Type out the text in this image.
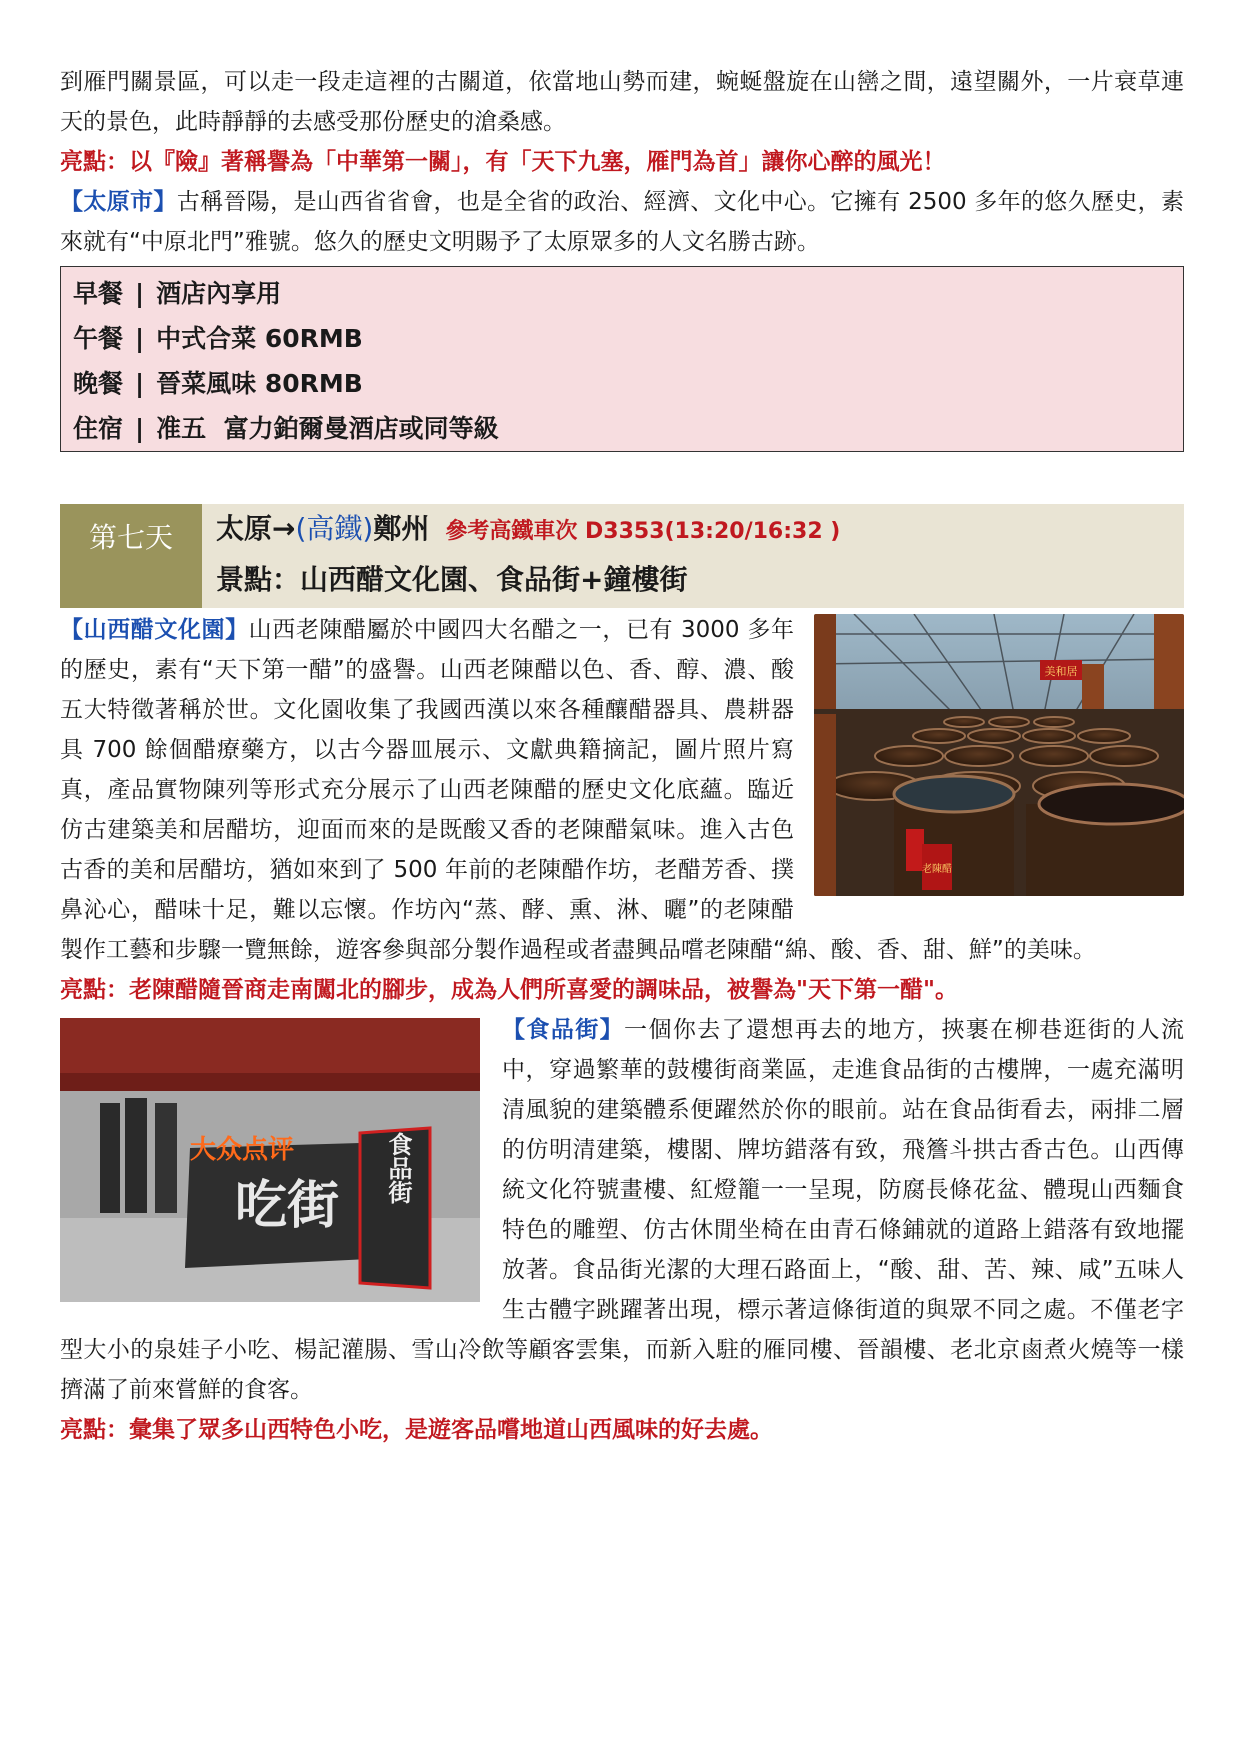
到雁門關景區，可以走一段走這裡的古關道，依當地山勢而建，蜿蜒盤旋在山巒之間，遠望關外，一片衰草連天的景色，此時靜靜的去感受那份歷史的滄桑感。

亮點：以『險』著稱譽為「中華第一關」，有「天下九塞，雁門為首」讓你心醉的風光！

【太原市】古稱晉陽，是山西省省會，也是全省的政治、經濟、文化中心。它擁有 2500 多年的悠久歷史，素來就有“中原北門”雅號。悠久的歷史文明賜予了太原眾多的人文名勝古跡。

早餐 | 酒店內享用
午餐 | 中式合菜 60RMB
晚餐 | 晉菜風味 80RMB
住宿 | 准五  富力鉑爾曼酒店或同等級
第七天	太原→(高鐵)鄭州 參考高鐵車次 D3353(13:20/16:32 )
景點：山西醋文化園、食品街+鐘樓街
美和居
老陳醋

【山西醋文化園】山西老陳醋屬於中國四大名醋之一，已有 3000 多年的歷史，素有“天下第一醋”的盛譽。山西老陳醋以色、香、醇、濃、酸五大特徵著稱於世。文化園收集了我國西漢以來各種釀醋器具、農耕器具 700 餘個醋療藥方，以古今器皿展示、文獻典籍摘記，圖片照片寫真，產品實物陳列等形式充分展示了山西老陳醋的歷史文化底蘊。臨近仿古建築美和居醋坊，迎面而來的是既酸又香的老陳醋氣味。進入古色古香的美和居醋坊，猶如來到了 500 年前的老陳醋作坊，老醋芳香、撲鼻沁心，醋味十足，難以忘懷。作坊內“蒸、酵、熏、淋、曬”的老陳醋製作工藝和步驟一覽無餘，遊客參與部分製作過程或者盡興品嚐老陳醋“綿、酸、香、甜、鮮”的美味。

亮點：老陳醋隨晉商走南闖北的腳步，成為人們所喜愛的調味品，被譽為"天下第一醋"。

大众点评
吃街
食品街

【食品街】一個你去了還想再去的地方，挾裹在柳巷逛街的人流中，穿過繁華的鼓樓街商業區，走進食品街的古樓牌，一處充滿明清風貌的建築體系便躍然於你的眼前。站在食品街看去，兩排二層的仿明清建築，樓閣、牌坊錯落有致，飛簷斗拱古香古色。山西傳統文化符號畫樓、紅燈籠一一呈現，防腐長條花盆、體現山西麵食特色的雕塑、仿古休閒坐椅在由青石條鋪就的道路上錯落有致地擺放著。食品街光潔的大理石路面上，“酸、甜、苦、辣、咸”五味人生古體字跳躍著出現，標示著這條街道的與眾不同之處。不僅老字型大小的泉娃子小吃、楊記灌腸、雪山冷飲等顧客雲集，而新入駐的雁同樓、晉韻樓、老北京鹵煮火燒等一樣擠滿了前來嘗鮮的食客。

亮點：彙集了眾多山西特色小吃，是遊客品嚐地道山西風味的好去處。
